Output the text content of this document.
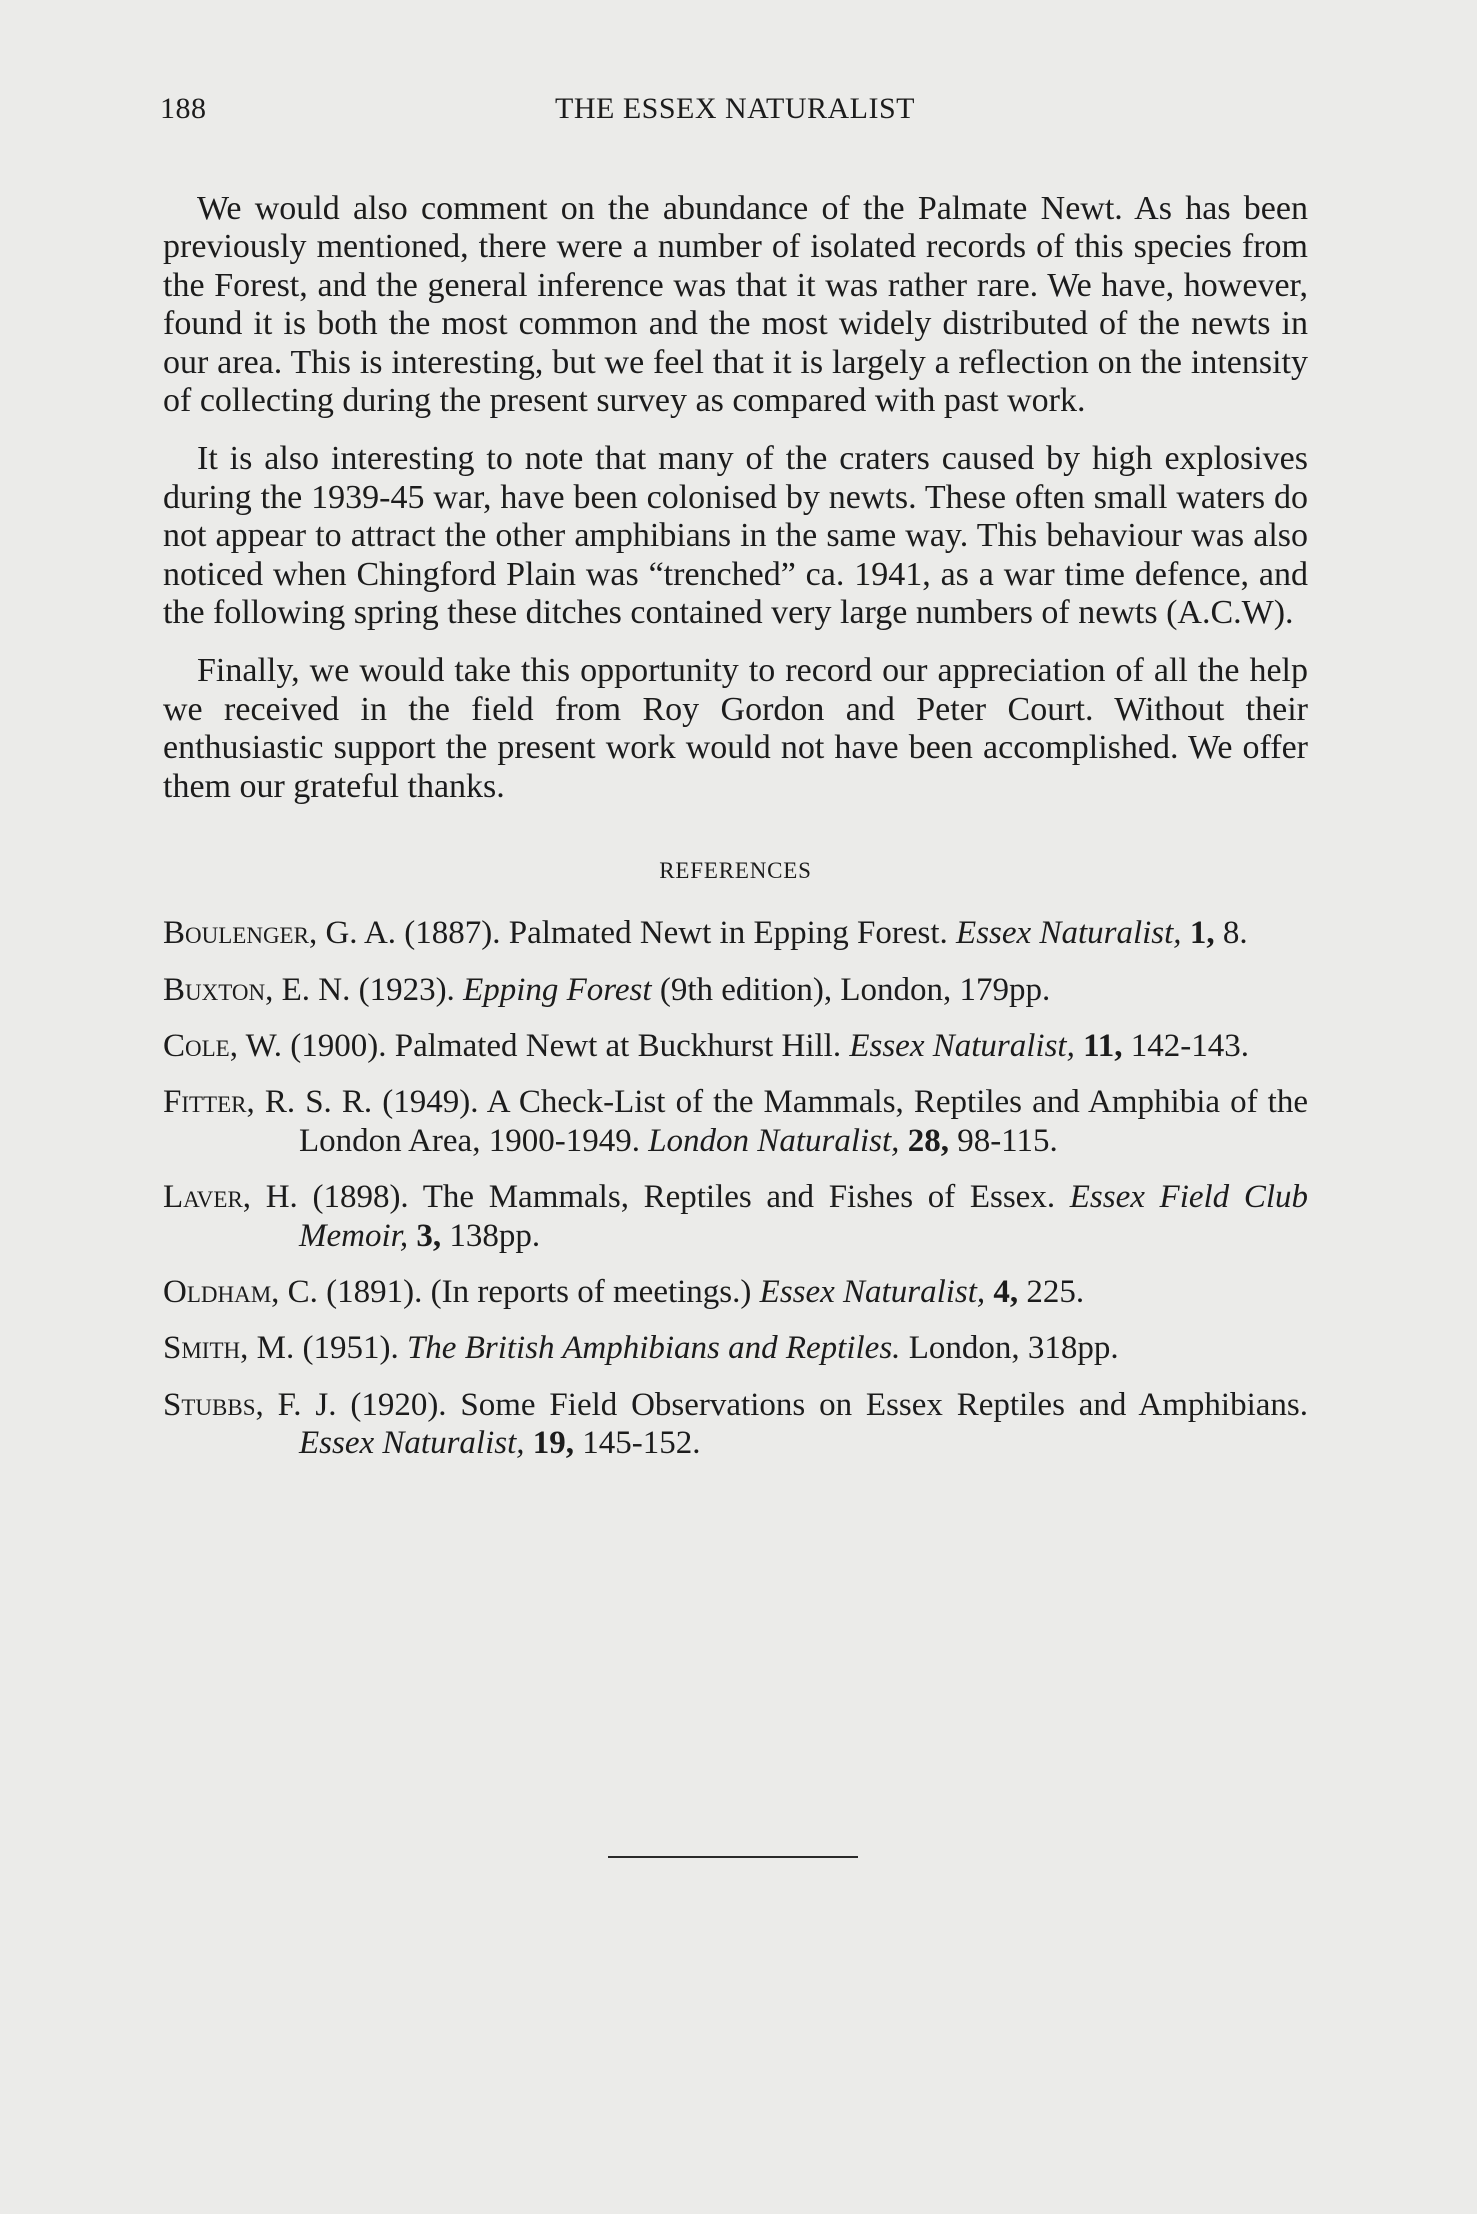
188	THE ESSEX NATURALIST

We would also comment on the abundance of the Palmate Newt. As has been previously mentioned, there were a number of isolated records of this species from the Forest, and the general inference was that it was rather rare. We have, however, found it is both the most common and the most widely distributed of the newts in our area. This is interesting, but we feel that it is largely a reflection on the intensity of collecting during the present survey as compared with past work.

It is also interesting to note that many of the craters caused by high explosives during the 1939-45 war, have been colonised by newts. These often small waters do not appear to attract the other amphibians in the same way. This behaviour was also noticed when Chingford Plain was “trenched” ca. 1941, as a war time defence, and the following spring these ditches contained very large numbers of newts (A.C.W).

Finally, we would take this opportunity to record our appreciation of all the help we received in the field from Roy Gordon and Peter Court. Without their enthusiastic support the present work would not have been accomplished. We offer them our grateful thanks.

REFERENCES

Boulenger, G. A. (1887). Palmated Newt in Epping Forest. Essex Naturalist, 1, 8.

Buxton, E. N. (1923). Epping Forest (9th edition), London, 179pp.

Cole, W. (1900). Palmated Newt at Buckhurst Hill. Essex Naturalist, 11, 142-143.

Fitter, R. S. R. (1949). A Check-List of the Mammals, Reptiles and Amphibia of the London Area, 1900-1949. London Naturalist, 28, 98-115.

Laver, H. (1898). The Mammals, Reptiles and Fishes of Essex. Essex Field Club Memoir, 3, 138pp.

Oldham, C. (1891). (In reports of meetings.) Essex Naturalist, 4, 225.

Smith, M. (1951). The British Amphibians and Reptiles. London, 318pp.

Stubbs, F. J. (1920). Some Field Observations on Essex Reptiles and Amphibians. Essex Naturalist, 19, 145-152.
